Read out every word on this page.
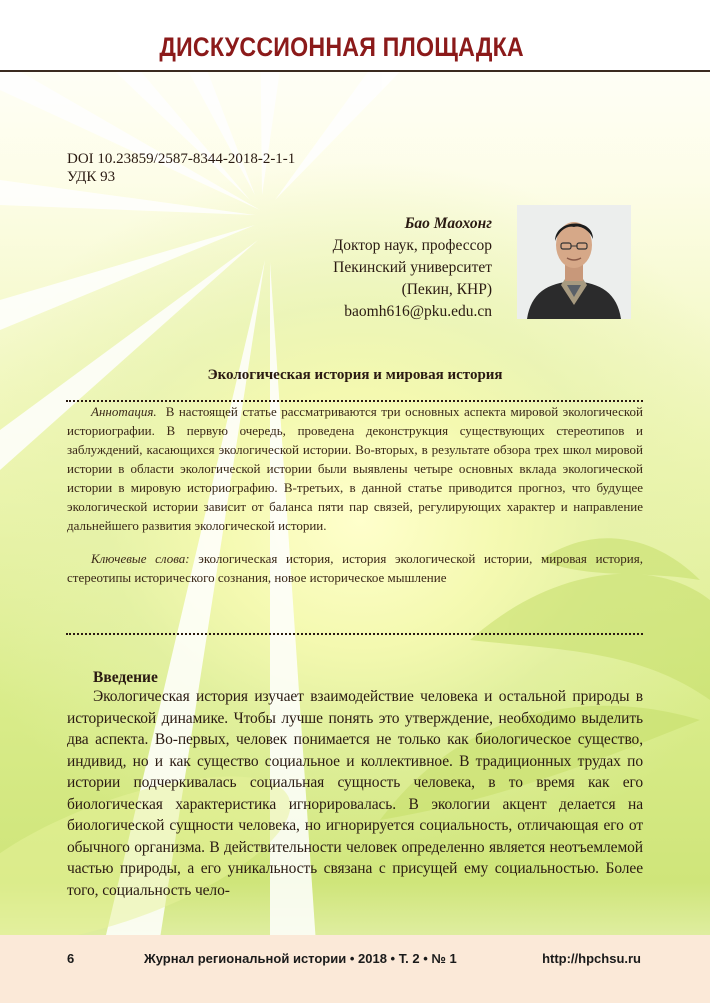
ДИСКУССИОННАЯ ПЛОЩАДКА
DOI 10.23859/2587-8344-2018-2-1-1
УДК 93
Бао Маохонг
Доктор наук, профессор
Пекинский университет
(Пекин, КНР)
baomh616@pku.edu.cn
Экологическая история и мировая история

Аннотация. В настоящей статье рассматриваются три основных аспекта мировой экологической историографии. В первую очередь, проведена деконструкция существующих стереотипов и заблуждений, касающихся экологической истории. Во-вторых, в результате обзора трех школ мировой истории в области экологической истории были выявлены четыре основных вклада экологической истории в мировую историографию. В-третьих, в данной статье приводится прогноз, что будущее экологической истории зависит от баланса пяти пар связей, регулирующих характер и направление дальнейшего развития экологической истории.

Ключевые слова: экологическая история, история экологической истории, мировая история, стереотипы исторического сознания, новое историческое мышление

Введение

Экологическая история изучает взаимодействие человека и остальной природы в исторической динамике. Чтобы лучше понять это утверждение, необходимо выделить два аспекта. Во-первых, человек понимается не только как биологическое существо, индивид, но и как существо социальное и коллективное. В традиционных трудах по истории подчеркивалась социальная сущность человека, в то время как его биологическая характеристика игнорировалась. В экологии акцент делается на биологической сущности человека, но игнорируется социальность, отличающая его от обычного организма. В действительности человек определенно является неотъемлемой частью природы, а его уникальность связана с присущей ему социальностью. Более того, социальность чело-

6	Журнал региональной истории • 2018 • Т. 2 • № 1	http://hpchsu.ru
